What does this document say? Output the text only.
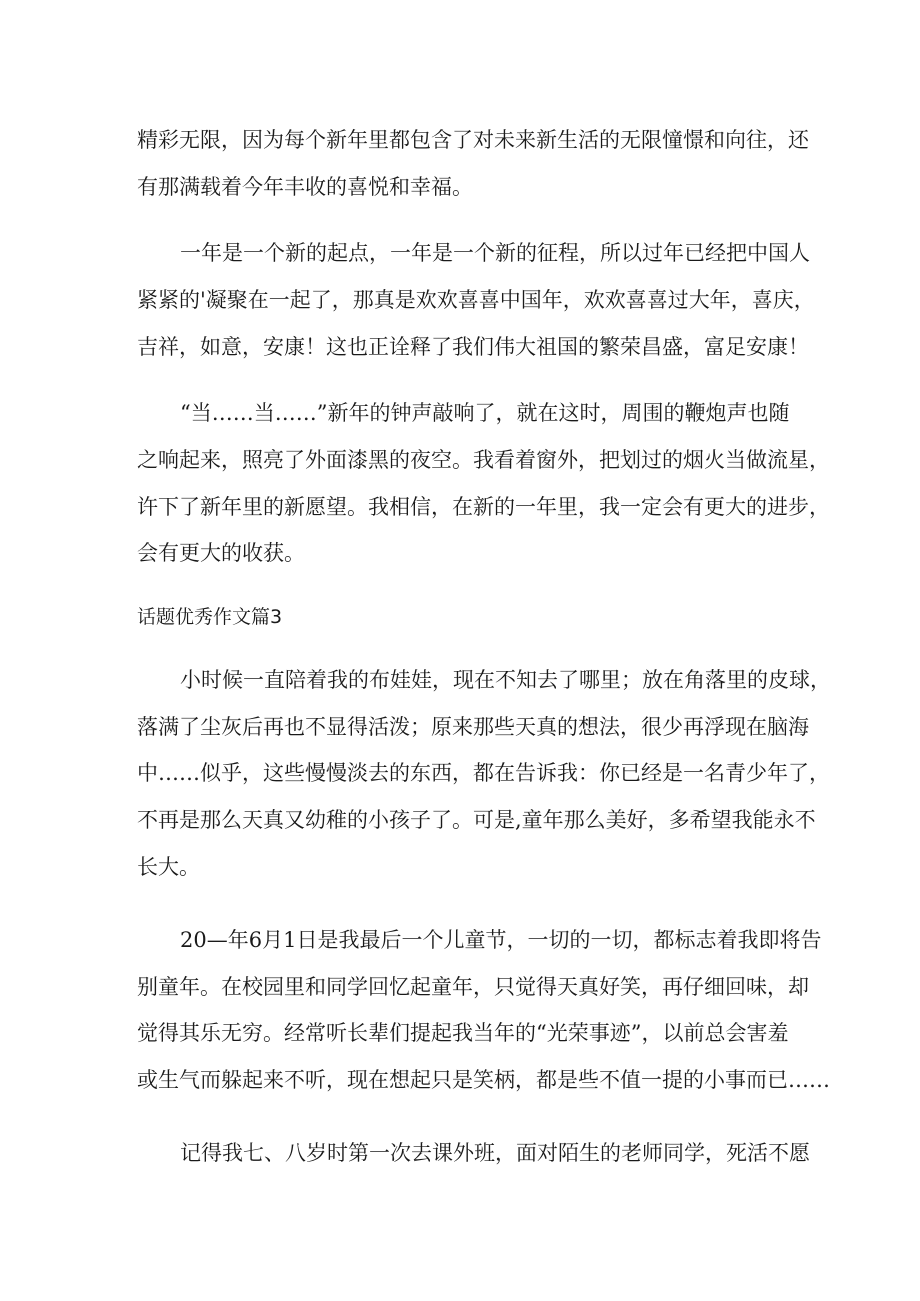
精彩无限，因为每个新年里都包含了对未来新生活的无限憧憬和向往，还
有那满载着今年丰收的喜悦和幸福。
一年是一个新的起点，一年是一个新的征程，所以过年已经把中国人
紧紧的'凝聚在一起了，那真是欢欢喜喜中国年，欢欢喜喜过大年，喜庆，
吉祥，如意，安康！这也正诠释了我们伟大祖国的繁荣昌盛，富足安康！
“当……当……”新年的钟声敲响了，就在这时，周围的鞭炮声也随
之响起来，照亮了外面漆黑的夜空。我看着窗外，把划过的烟火当做流星，
许下了新年里的新愿望。我相信，在新的一年里，我一定会有更大的进步，
会有更大的收获。
话题优秀作文篇3
小时候一直陪着我的布娃娃，现在不知去了哪里；放在角落里的皮球，
落满了尘灰后再也不显得活泼；原来那些天真的想法，很少再浮现在脑海
中……似乎，这些慢慢淡去的东西，都在告诉我：你已经是一名青少年了，
不再是那么天真又幼稚的小孩子了。可是,童年那么美好，多希望我能永不
长大。
20—年6月1日是我最后一个儿童节，一切的一切，都标志着我即将告
别童年。在校园里和同学回忆起童年，只觉得天真好笑，再仔细回味，却
觉得其乐无穷。经常听长辈们提起我当年的“光荣事迹”，以前总会害羞
或生气而躲起来不听，现在想起只是笑柄，都是些不值一提的小事而已……
记得我七、八岁时第一次去课外班，面对陌生的老师同学，死活不愿
